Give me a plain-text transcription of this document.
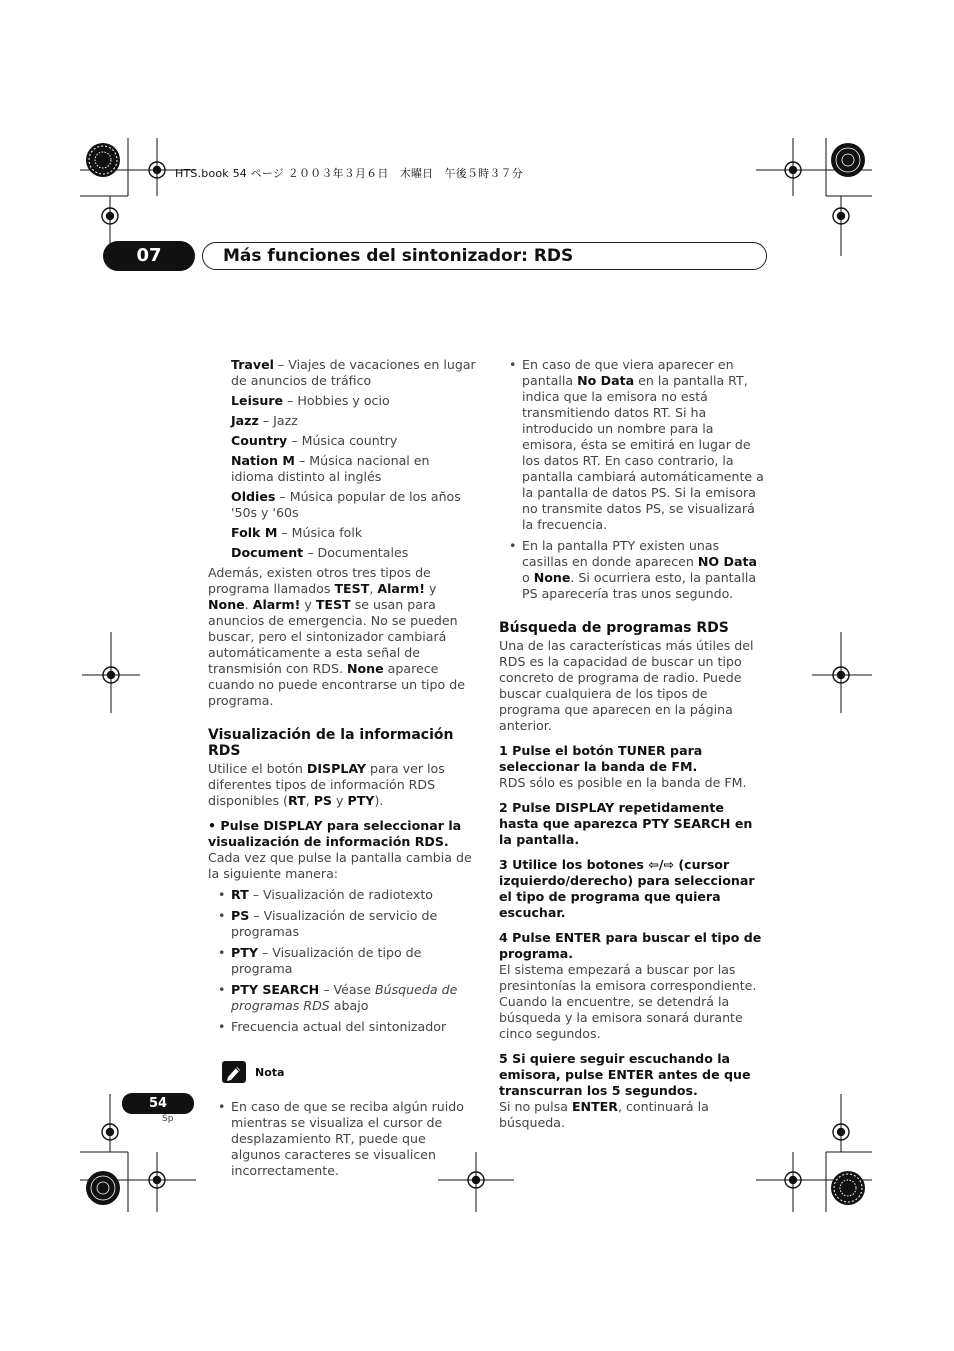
HTS.book 54 ページ ２００３年３月６日　木曜日　午後５時３７分
07	Más funciones del sintonizador: RDS

Travel – Viajes de vacaciones en lugar de anuncios de tráfico

Leisure – Hobbies y ocio

Jazz – Jazz

Country – Música country

Nation M – Música nacional en idioma distinto al inglés

Oldies – Música popular de los años '50s y '60s

Folk M – Música folk

Document – Documentales

Además, existen otros tres tipos de programa llamados TEST, Alarm! y None. Alarm! y TEST se usan para anuncios de emergencia. No se pueden buscar, pero el sintonizador cambiará automáticamente a esta señal de transmisión con RDS. None aparece cuando no puede encontrarse un tipo de programa.

Visualización de la información RDS

Utilice el botón DISPLAY para ver los diferentes tipos de información RDS disponibles (RT, PS y PTY).

• Pulse DISPLAY para seleccionar la visualización de información RDS.

Cada vez que pulse la pantalla cambia de la siguiente manera:

• RT – Visualización de radiotexto

• PS – Visualización de servicio de programas

• PTY – Visualización de tipo de programa

• PTY SEARCH – Véase Búsqueda de programas RDS abajo

• Frecuencia actual del sintonizador

Nota

• En caso de que se reciba algún ruido mientras se visualiza el cursor de desplazamiento RT, puede que algunos caracteres se visualicen incorrectamente.

54
Sp

• En caso de que viera aparecer en pantalla No Data en la pantalla RT, indica que la emisora no está transmitiendo datos RT. Si ha introducido un nombre para la emisora, ésta se emitirá en lugar de los datos RT. En caso contrario, la pantalla cambiará automáticamente a la pantalla de datos PS. Si la emisora no transmite datos PS, se visualizará la frecuencia.

• En la pantalla PTY existen unas casillas en donde aparecen NO Data o None. Si ocurriera esto, la pantalla PS aparecería tras unos segundo.

Búsqueda de programas RDS

Una de las características más útiles del RDS es la capacidad de buscar un tipo concreto de programa de radio. Puede buscar cualquiera de los tipos de programa que aparecen en la página anterior.

1 Pulse el botón TUNER para seleccionar la banda de FM.

RDS sólo es posible en la banda de FM.

2 Pulse DISPLAY repetidamente hasta que aparezca PTY SEARCH en la pantalla.

3 Utilice los botones ⇦/⇨ (cursor izquierdo/derecho) para seleccionar el tipo de programa que quiera escuchar.

4 Pulse ENTER para buscar el tipo de programa.

El sistema empezará a buscar por las presintonías la emisora correspondiente. Cuando la encuentre, se detendrá la búsqueda y la emisora sonará durante cinco segundos.

5 Si quiere seguir escuchando la emisora, pulse ENTER antes de que transcurran los 5 segundos.

Si no pulsa ENTER, continuará la búsqueda.
